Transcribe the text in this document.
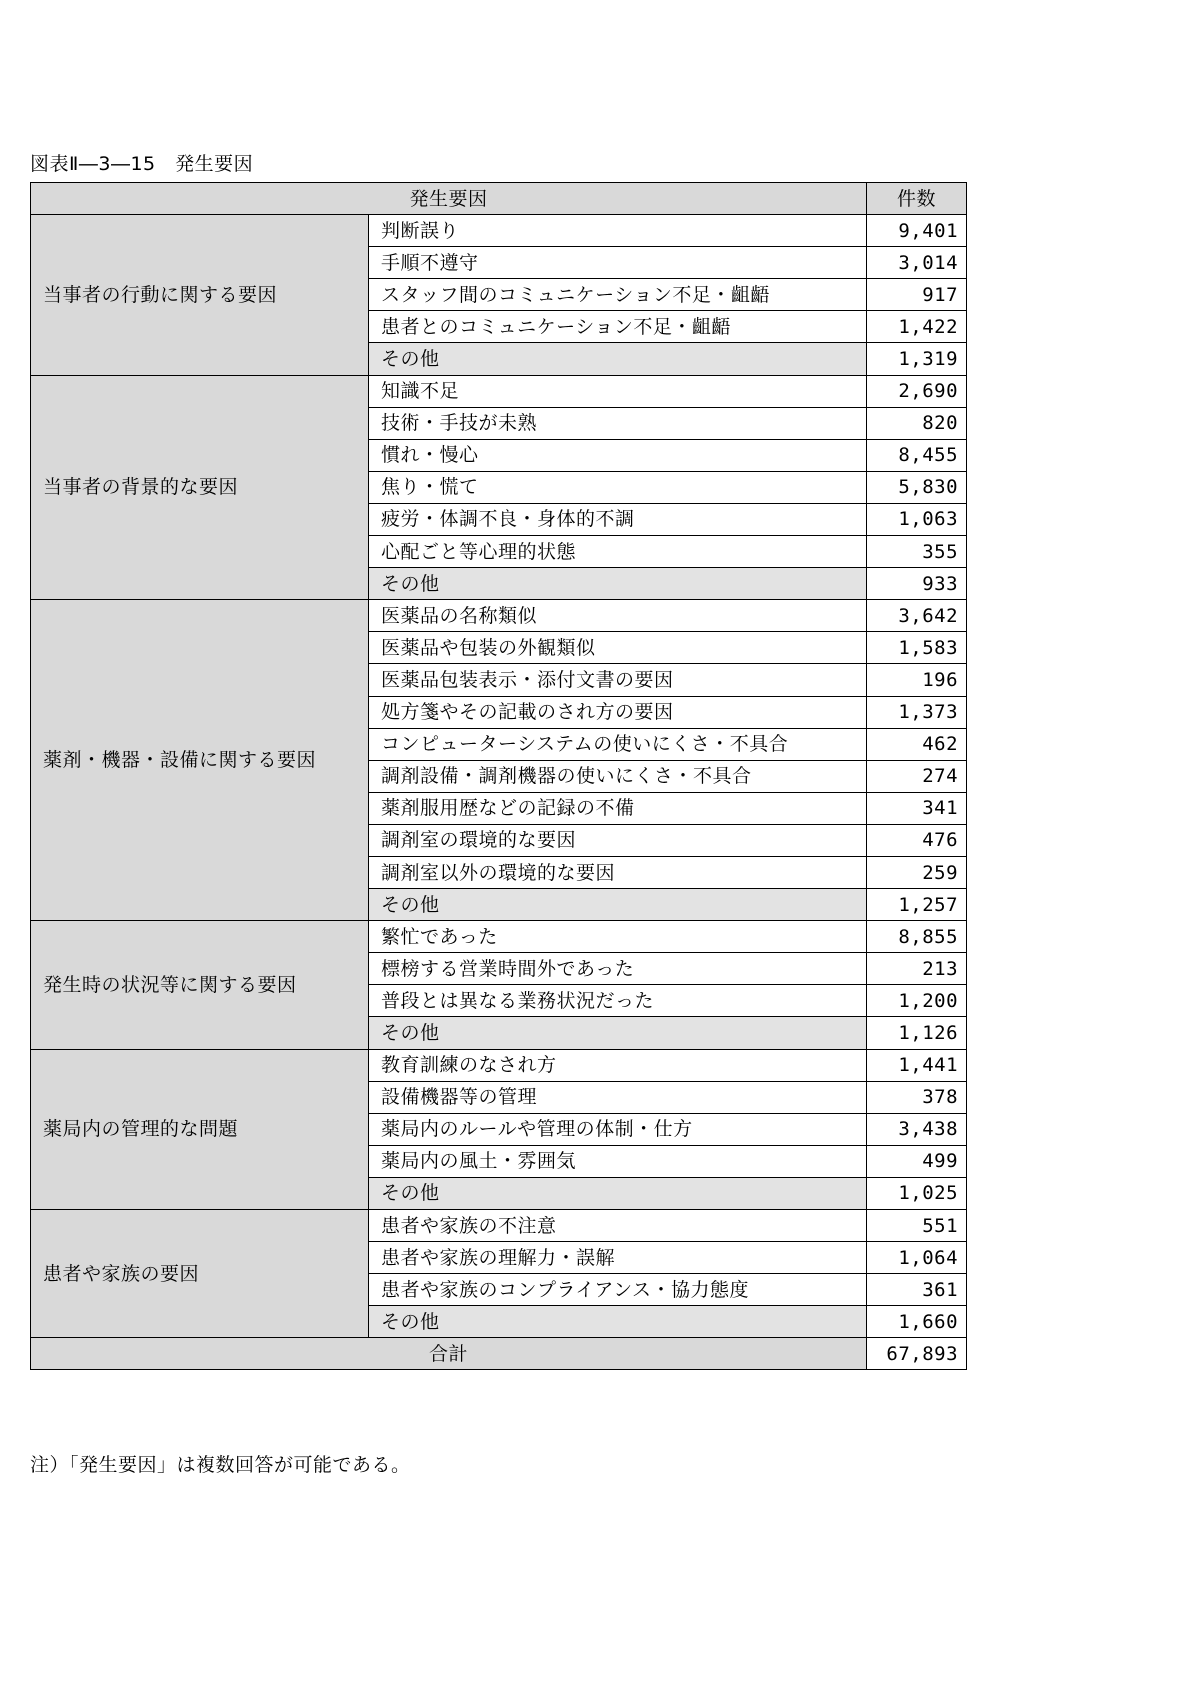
図表Ⅱ―3―15　発生要因
発生要因		件数
当事者の行動に関する要因	判断誤り	9,401
	手順不遵守	3,014
	スタッフ間のコミュニケーション不足・齟齬	917
	患者とのコミュニケーション不足・齟齬	1,422
	その他	1,319
当事者の背景的な要因	知識不足	2,690
	技術・手技が未熟	820
	慣れ・慢心	8,455
	焦り・慌て	5,830
	疲労・体調不良・身体的不調	1,063
	心配ごと等心理的状態	355
	その他	933
薬剤・機器・設備に関する要因	医薬品の名称類似	3,642
	医薬品や包装の外観類似	1,583
	医薬品包装表示・添付文書の要因	196
	処方箋やその記載のされ方の要因	1,373
	コンピューターシステムの使いにくさ・不具合	462
	調剤設備・調剤機器の使いにくさ・不具合	274
	薬剤服用歴などの記録の不備	341
	調剤室の環境的な要因	476
	調剤室以外の環境的な要因	259
	その他	1,257
発生時の状況等に関する要因	繁忙であった	8,855
	標榜する営業時間外であった	213
	普段とは異なる業務状況だった	1,200
	その他	1,126
薬局内の管理的な問題	教育訓練のなされ方	1,441
	設備機器等の管理	378
	薬局内のルールや管理の体制・仕方	3,438
	薬局内の風土・雰囲気	499
	その他	1,025
患者や家族の要因	患者や家族の不注意	551
	患者や家族の理解力・誤解	1,064
	患者や家族のコンプライアンス・協力態度	361
	その他	1,660
合計		67,893
注）「発生要因」は複数回答が可能である。
